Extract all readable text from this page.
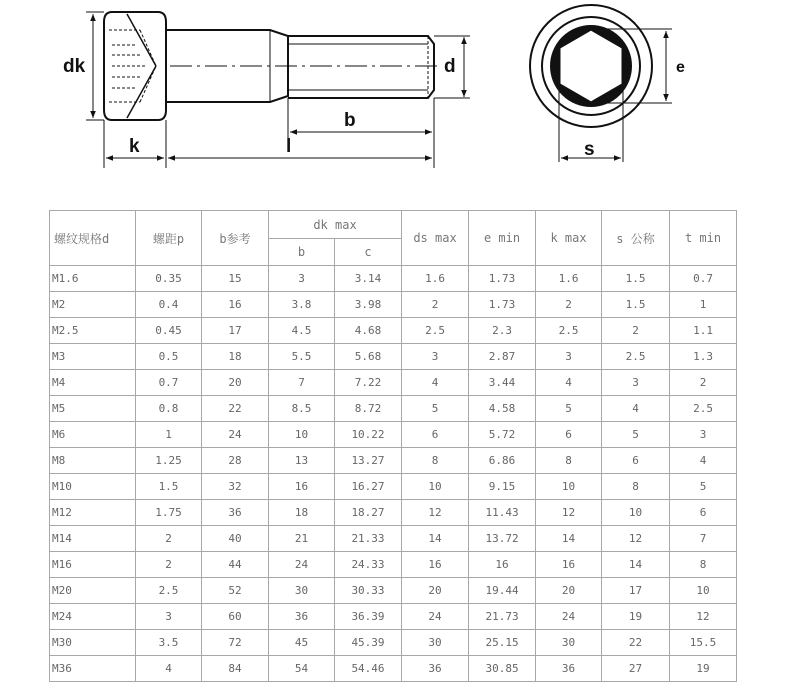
dk	d
b
k	l
e
s
螺纹规格d	螺距p	b参考	dk max		ds max	e min	k max	s 公称	t min
			b	c					
M1.6	0.35	15	3	3.14	1.6	1.73	1.6	1.5	0.7
M2	0.4	16	3.8	3.98	2	1.73	2	1.5	1
M2.5	0.45	17	4.5	4.68	2.5	2.3	2.5	2	1.1
M3	0.5	18	5.5	5.68	3	2.87	3	2.5	1.3
M4	0.7	20	7	7.22	4	3.44	4	3	2
M5	0.8	22	8.5	8.72	5	4.58	5	4	2.5
M6	1	24	10	10.22	6	5.72	6	5	3
M8	1.25	28	13	13.27	8	6.86	8	6	4
M10	1.5	32	16	16.27	10	9.15	10	8	5
M12	1.75	36	18	18.27	12	11.43	12	10	6
M14	2	40	21	21.33	14	13.72	14	12	7
M16	2	44	24	24.33	16	16	16	14	8
M20	2.5	52	30	30.33	20	19.44	20	17	10
M24	3	60	36	36.39	24	21.73	24	19	12
M30	3.5	72	45	45.39	30	25.15	30	22	15.5
M36	4	84	54	54.46	36	30.85	36	27	19
